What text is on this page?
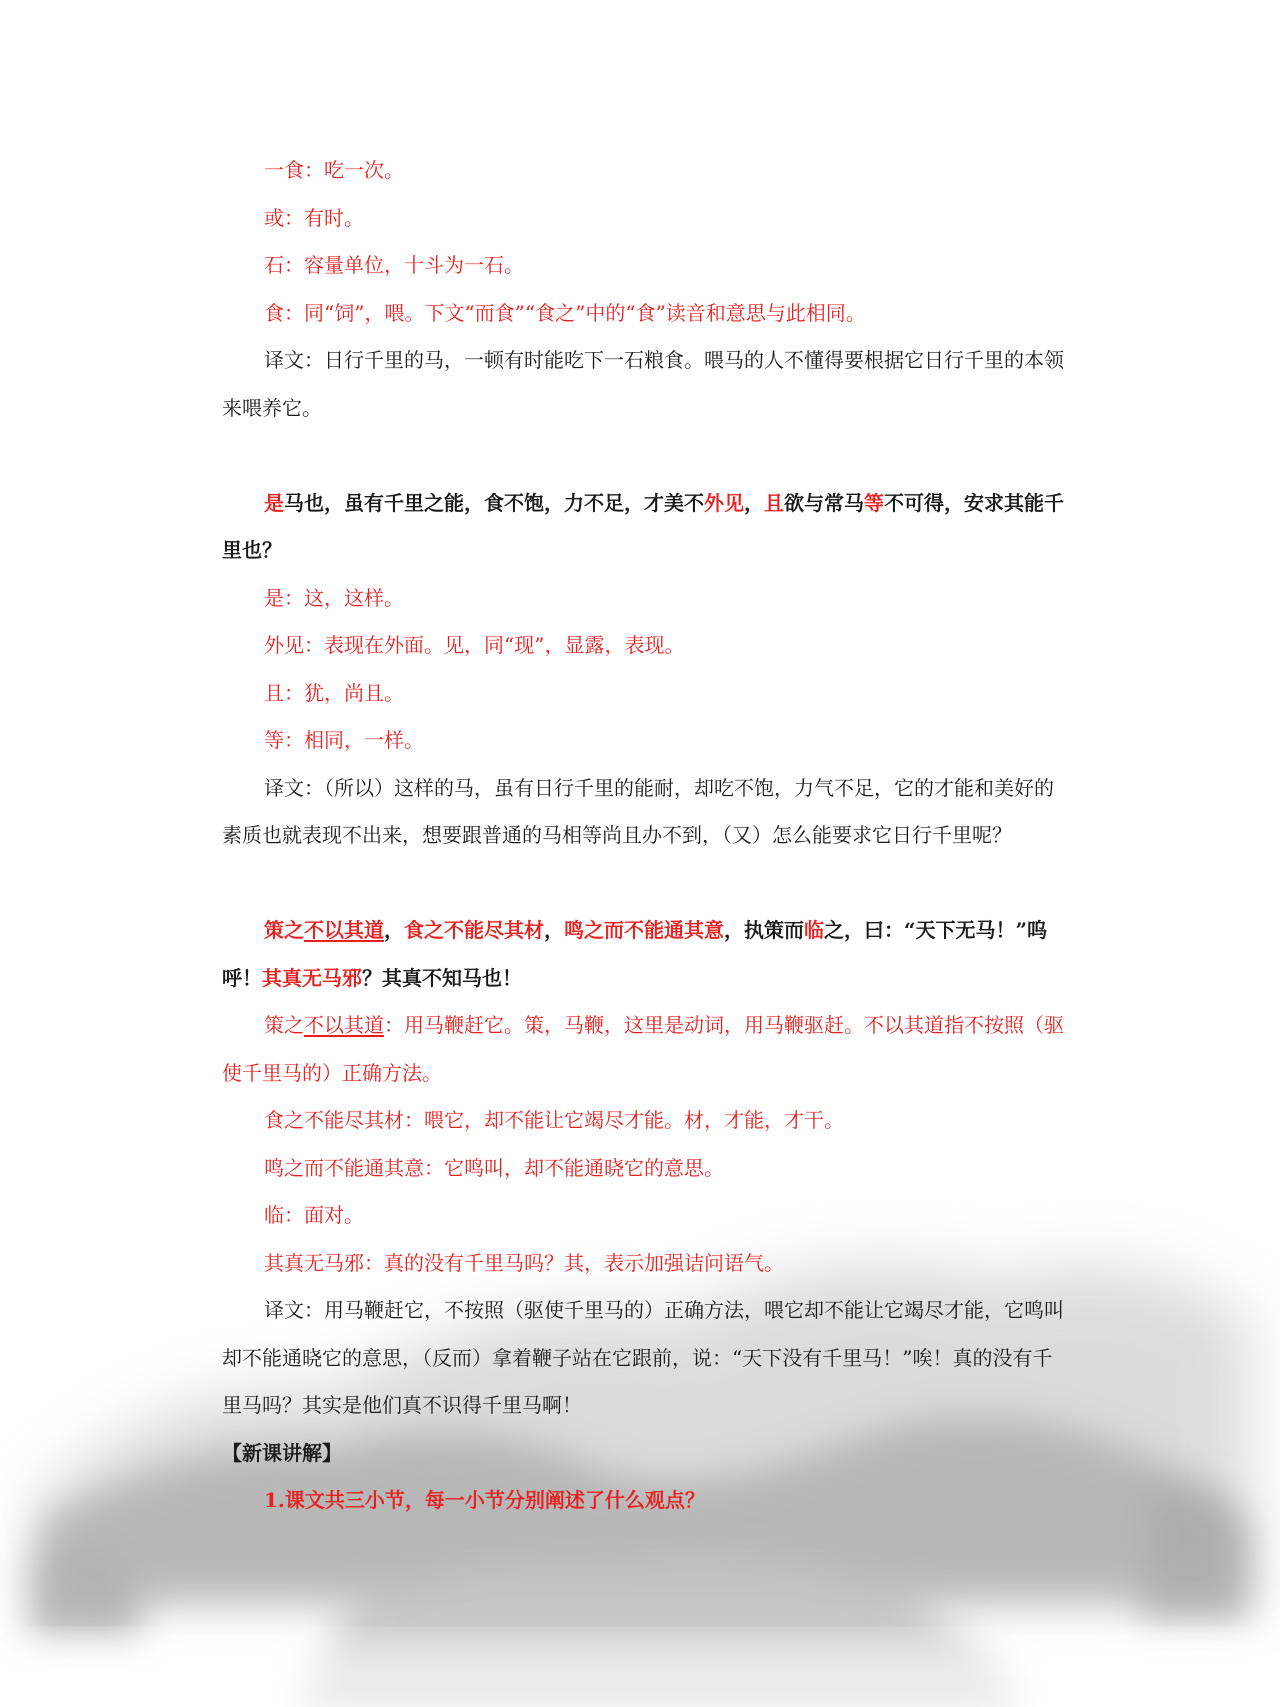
一食：吃一次。
或：有时。
石：容量单位，十斗为一石。
食：同“饲”，喂。下文“而食”“食之”中的“食”读音和意思与此相同。
译文：日行千里的马，一顿有时能吃下一石粮食。喂马的人不懂得要根据它日行千里的本领来喂养它。
是马也，虽有千里之能，食不饱，力不足，才美不外见，且欲与常马等不可得，安求其能千里也？
是：这，这样。
外见：表现在外面。见，同“现”，显露，表现。
且：犹，尚且。
等：相同，一样。
译文：（所以）这样的马，虽有日行千里的能耐，却吃不饱，力气不足，它的才能和美好的素质也就表现不出来，想要跟普通的马相等尚且办不到，（又）怎么能要求它日行千里呢？
策之不以其道，食之不能尽其材，鸣之而不能通其意，执策而临之，曰：“天下无马！”呜呼！其真无马邪？其真不知马也！
策之不以其道：用马鞭赶它。策，马鞭，这里是动词，用马鞭驱赶。不以其道指不按照（驱使千里马的）正确方法。
食之不能尽其材：喂它，却不能让它竭尽才能。材，才能，才干。
鸣之而不能通其意：它鸣叫，却不能通晓它的意思。
临：面对。
其真无马邪：真的没有千里马吗？其，表示加强诘问语气。
译文：用马鞭赶它，不按照（驱使千里马的）正确方法，喂它却不能让它竭尽才能，它鸣叫却不能通晓它的意思，（反而）拿着鞭子站在它跟前，说：“天下没有千里马！”唉！真的没有千里马吗？其实是他们真不识得千里马啊！
【新课讲解】
1.课文共三小节，每一小节分别阐述了什么观点？
